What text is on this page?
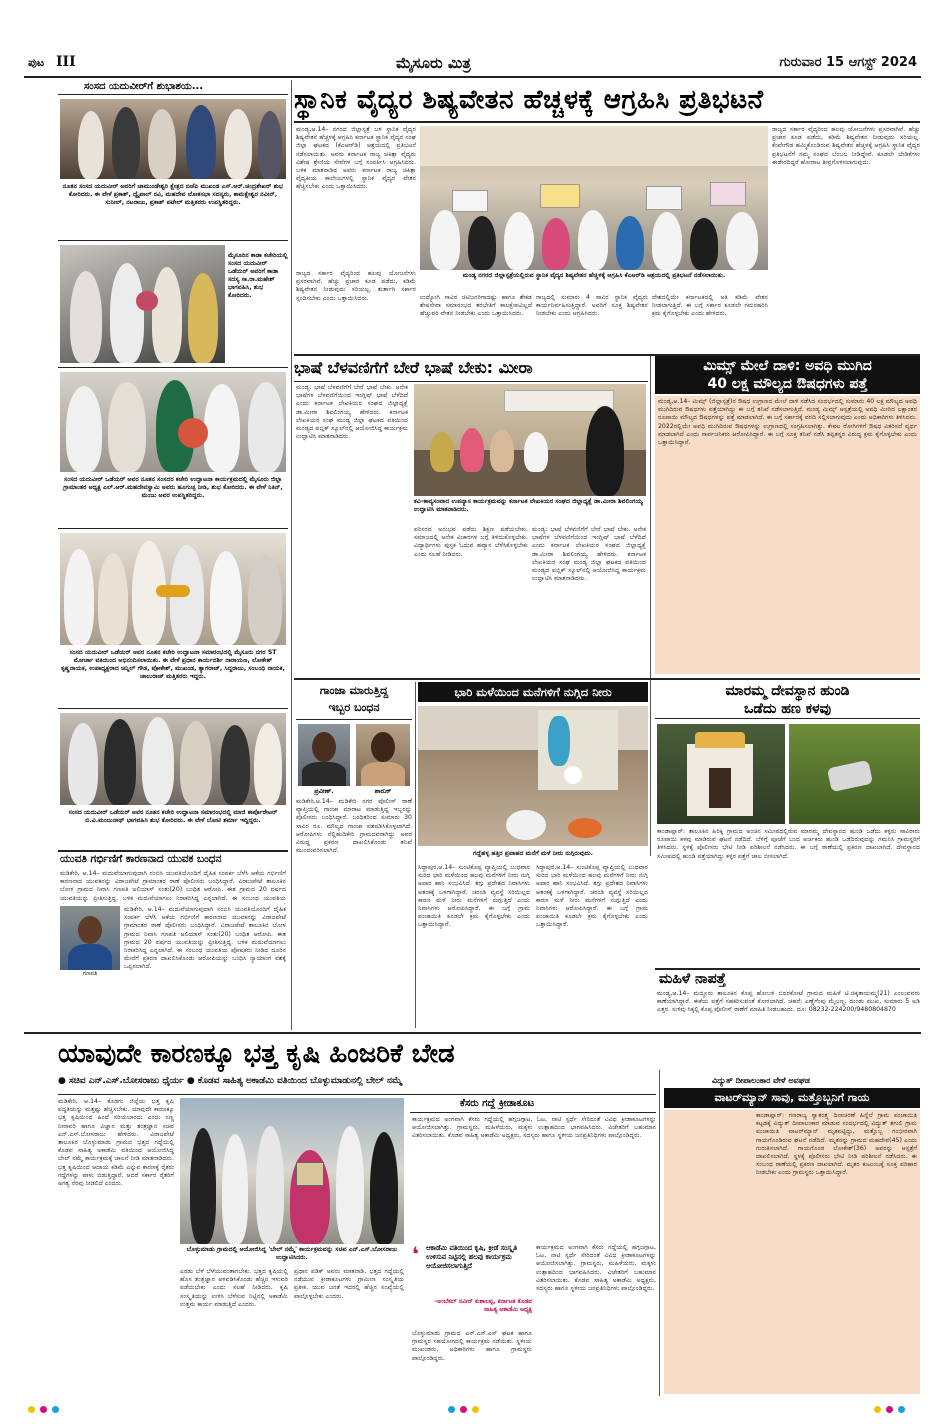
ಪುಟ III	ಮೈಸೂರು ಮಿತ್ರ	ಗುರುವಾರ 15 ಆಗಸ್ಟ್ 2024
ಸಂಸದ ಯದುವೀರ್‌ಗೆ ಶುಭಾಶಯ...
ನೂತನ ಸಂಸದ ಯದುವೀರ್ ಅವರಿಗೆ ಚಾಮುಂಡೇಶ್ವರಿ ಕ್ಷೇತ್ರದ ಬಿಜೆಪಿ ಮುಖಂಡ ಎಸ್.ಆರ್.ಚಂದ್ರಶೇಖರ್ ಶುಭ ಕೋರಿದರು. ಈ ವೇಳೆ ಪ್ರಕಾಶ್, ದ್ವೈಪಾಲ್ ರವಿ, ಮಹದೇವ ಲೋಕಸಭಾ ಸದಸ್ಯರು, ಕಾಮಕ್ಷೇಶ್ವರ ನವೀನ್, ಸುನೀಲ್, ನಟರಾಜು, ಪ್ರಕಾಶ್ ಪಟೇಲ್ ಮತ್ತಿತರರು ಉಪಸ್ಥಿತರಿದ್ದರು.
ಮೈಸೂರಿನ ಕಾಡಾ ಕಚೇರಿಯಲ್ಲಿ ಸಂಸದ ಯದುವೀರ್ ಒಡೆಯರ್ ಅವರಿಗೆ ಕಾಡಾ ಸದಸ್ಯ ಸಾ.ರಾ.ಮಹೇಶ್ ಭಾಗವಹಿಸಿ, ಶುಭ ಕೋರಿದರು.
ಸಂಸದ ಯದುವೀರ್ ಒಡೆಯರ್ ಅವರ ನೂತನ ಸಂಸದರ ಕಚೇರಿ ಉದ್ಘಾಟನಾ ಕಾರ್ಯಕ್ರಮದಲ್ಲಿ ಮೈಸೂರು ಜಿಲ್ಲಾ ಗ್ರಾಮಾಂತರ ಅಧ್ಯಕ್ಷ ಎಲ್.ಆರ್.ಮಹದೇವಸ್ವಾಮಿ ಅವರು ಹೂಗುಚ್ಛ ನೀಡಿ, ಶುಭ ಕೋರಿದರು. ಈ ವೇಳೆ ನಿತಿನ್, ಮಂಜು ಅವರ ಉಪಸ್ಥಿತರಿದ್ದರು.
ಸಂಸದ ಯದುವೀರ್ ಒಡೆಯರ್ ಅವರ ನೂತನ ಕಚೇರಿ ಉದ್ಘಾಟನಾ ಸಮಾರಂಭದಲ್ಲಿ ಮೈಸೂರು ನಗರ ST ಮೋರ್ಚಾ ವತಿಯಿಂದ ಅಭಿನಂದಿಸಲಾಯಿತು. ಈ ವೇಳೆ ಪ್ರಧಾನ ಕಾರ್ಯದರ್ಶಿ ನಾರಾಯಣ, ಲೋಕೇಶ್ ಕೃಷ್ಣನಾಯಕ, ಉಪಾಧ್ಯಕ್ಷರಾದ ಚಿನ್ನಿಲ್ ಗೌಡ, ಪೋಕೇಶ್, ಮುಖಂಡ, ತ್ಯಾಗರಾಜ್, ಸಿದ್ದರಾಜು, ಸಂಬಂಧಿ ನಾಯಕ, ಚಾಲುರಾಜ್ ಮತ್ತಿತರರು ಇದ್ದರು.
ಸಂಸದ ಯದುವೀರ್ ಒಡೆಯರ್ ಅವರ ನೂತನ ಕಚೇರಿ ಉದ್ಘಾಟನಾ ಸಮಾರಂಭದಲ್ಲಿ ಮಾಜಿ ಕಾರ್ಪೊರೇಟರ್ ಬಿ.ವಿ.ಮಂಜುನಾಥ್ ಭಾಗವಹಿಸಿ ಶುಭ ಕೋರಿದರು. ಈ ವೇಳೆ ಬೋಟಿ ಶರ್ಮಾ ಇದ್ದಿದ್ದರು.
ಯುವತಿ ಗರ್ಭಿಣಿಗೆ ಕಾರಣನಾದ ಯುವಕ ಬಂಧನ
ಮಡಿಕೇರಿ, ಆ.14– ಮದುವೆಯಾಗುವುದಾಗಿ ನಂಬಿಸಿ ಯುವತಿಯೊಂದಿಗೆ ದೈಹಿಕ ಸಂಪರ್ಕ ಬೆಳೆಸಿ ಆಕೆಯ ಗರ್ಭಿಣಿಗೆ ಕಾರಣನಾದ ಯುವಕನನ್ನು ವಿರಾಜಪೇಟೆ ಗ್ರಾಮಾಂತರ ಠಾಣೆ ಪೊಲೀಸರು ಬಂಧಿಸಿದ್ದಾರೆ. ವಿರಾಜಪೇಟೆ ತಾಲೂಕಿನ ಬೋಳ ಗ್ರಾಮದ ನಿವಾಸಿ ಗಣಪತಿ ಅಲಿಯಾಸ್ ಸಂತು(20) ಬಂಧಿತ ಆರೋಪಿ. ಈತ ಗ್ರಾಮದ 20 ವರ್ಷದ ಯುವತಿಯನ್ನು ಪ್ರೀತಿಸುತ್ತಿದ್ದ. ಬಳಿಕ ಮದುವೆಯಾಗಲು ನಿರಾಕರಿಸಿದ್ದ ಎನ್ನಲಾಗಿದೆ. ಈ ಸಂಬಂಧ ಯುವತಿಯ
ಗಣಪತಿ
ಮಡಿಕೇರಿ, ಆ.14– ಮದುವೆಯಾಗುವುದಾಗಿ ನಂಬಿಸಿ ಯುವತಿಯೊಂದಿಗೆ ದೈಹಿಕ ಸಂಪರ್ಕ ಬೆಳೆಸಿ ಆಕೆಯ ಗರ್ಭಿಣಿಗೆ ಕಾರಣನಾದ ಯುವಕನನ್ನು ವಿರಾಜಪೇಟೆ ಗ್ರಾಮಾಂತರ ಠಾಣೆ ಪೊಲೀಸರು ಬಂಧಿಸಿದ್ದಾರೆ. ವಿರಾಜಪೇಟೆ ತಾಲೂಕಿನ ಬೋಳ ಗ್ರಾಮದ ನಿವಾಸಿ ಗಣಪತಿ ಅಲಿಯಾಸ್ ಸಂತು(20) ಬಂಧಿತ ಆರೋಪಿ. ಈತ ಗ್ರಾಮದ 20 ವರ್ಷದ ಯುವತಿಯನ್ನು ಪ್ರೀತಿಸುತ್ತಿದ್ದ. ಬಳಿಕ ಮದುವೆಯಾಗಲು ನಿರಾಕರಿಸಿದ್ದ ಎನ್ನಲಾಗಿದೆ. ಈ ಸಂಬಂಧ ಯುವತಿಯ ಪೋಷಕರು ನೀಡಿದ ದೂರಿನ ಮೇರೆಗೆ ಪ್ರಕರಣ ದಾಖಲಿಸಿಕೊಂಡು ಆರೋಪಿಯನ್ನು ಬಂಧಿಸಿ ನ್ಯಾಯಾಂಗ ವಶಕ್ಕೆ ಒಪ್ಪಿಸಲಾಗಿದೆ.
ಸ್ಥಾನಿಕ ವೈದ್ಯರ ಶಿಷ್ಯವೇತನ ಹೆಚ್ಚಳಕ್ಕೆ ಆಗ್ರಹಿಸಿ ಪ್ರತಿಭಟನೆ
ಮಂಡ್ಯ,ಆ.14– ನಗರದ ಜಿಲ್ಲಾಸ್ಪತ್ರೆ ಬಳಿ ಸ್ಥಾನಿಕ ವೈದ್ಯರ ಶಿಷ್ಯವೇತನ ಹೆಚ್ಚಳಕ್ಕೆ ಆಗ್ರಹಿಸಿ ಕರ್ನಾಟಕ ಸ್ಥಾನಿಕ ವೈದ್ಯರ ಸಂಘ ಜಿಲ್ಲಾ ಘಟಕದ (ಕೆಎಆರ್‌ಡಿ) ಆಶ್ರಯದಲ್ಲಿ ಪ್ರತಿಭಟನೆ ನಡೆಸಲಾಯಿತು. ಅವರು ಕರ್ನಾಟಕ ರಾಜ್ಯ ಚಿಕಿತ್ಸಾ ವೈದ್ಯರು ವಿಶೇಷ ಶ್ರೇಣಿಯ ಸೇವೆಗಳ ಬಗ್ಗೆ ಸಂಪರ್ಕಿಸಿ ಆಗ್ರಹಿಸಿದರು. ಬಳಿಕ ಮಾತನಾಡಿದ ಅವರು ಕರ್ನಾಟಕ ರಾಜ್ಯ ಚಿಕಿತ್ಸಾ ವೈದ್ಯಕೀಯ ಕಾಲೇಜುಗಳಲ್ಲಿ ಸ್ಥಾನಿಕ ವೈದ್ಯರ ವೇತನ ಹೆಚ್ಚಿಸಬೇಕು ಎಂದು ಒತ್ತಾಯಿಸಿದರು.
ರಾಜ್ಯದ ಸರ್ಕಾರ ವೈದ್ಯರಿಂದ ಹಲವು ಯೋಜನೆಗಳು ಪ್ರಸರವಾಗಿವೆ. ಹೆಚ್ಚು ಪ್ರಚಾರ ಕೂಡ ಪಡೆದು, ಕಡಿಮೆ ಶಿಷ್ಯವೇತನ ನೀಡುವುದು ಸರಿಯಲ್ಲ. ಕೆಂಪೇಗೌಡ ಹಮ್ಮಿಕೊಂಡಿರುವ ಶಿಷ್ಯವೇತನ ಹೆಚ್ಚಳಕ್ಕೆ ಆಗ್ರಹಿಸಿ ಸ್ಥಾನಿಕ ವೈದ್ಯರ ಪ್ರತಿಭಟನೆಗೆ ನಮ್ಮ ಸಂಘದ ಬೆಂಬಲ ನೀಡಿದ್ದೇವೆ. ಕೂಡಲೇ ಬೇಡಿಕೆಗಳು ಈಡೇರದಿದ್ದರೆ ಹೋರಾಟ ತೀವ್ರಗೊಳಿಸಲಾಗುವುದು.
ಮಂಡ್ಯ ನಗರದ ಜಿಲ್ಲಾಸ್ಪತ್ರೆಯಲ್ಲಿರುವ ಸ್ಥಾನಿಕ ವೈದ್ಯರ ಶಿಷ್ಯವೇತನ ಹೆಚ್ಚಳಕ್ಕೆ ಆಗ್ರಹಿಸಿ ಕೆಎಆರ್‌ಡಿ ಆಶ್ರಯದಲ್ಲಿ ಪ್ರತಿಭಟನೆ ನಡೆಸಲಾಯಿತು.
ಉದ್ಯೋಗಿ ಸಾವಿರ ಚಿಟಿಜನರಿಗಾದಷ್ಟು ಹಾಗೂ ಶೇಕಡ ಶೇಷಸೇವಾ ಸಮಾರಂಭದ ತರಬೇತಿಗೆ ಕಾಲಕ್ಷೇಪವಿಲ್ಲದೆ ಹೆಚ್ಚುವರಿ ವೇತನ ನೀಡಬೇಕು ಎಂದು ಒತ್ತಾಯಿಸಿದರು.
ರಾಜ್ಯದಲ್ಲಿ ಸುಮಾರು 4 ಸಾವಿರ ಸ್ಥಾನಿಕ ವೈದ್ಯರು ಕಾರ್ಯನಿರ್ವಹಿಸುತ್ತಿದ್ದಾರೆ. ಅವರಿಗೆ ಸೂಕ್ತ ಶಿಷ್ಯವೇತನ ನೀಡಬೇಕು ಎಂದು ಆಗ್ರಹಿಸಿದರು.
ದೇಶದಲ್ಲಿಯೇ ಕರ್ನಾಟಕದಲ್ಲಿ ಅತಿ ಕಡಿಮೆ ವೇತನ ನೀಡಲಾಗುತ್ತಿದೆ. ಈ ಬಗ್ಗೆ ಸರ್ಕಾರ ಕೂಡಲೇ ಗಮನಹರಿಸಿ ಕ್ರಮ ಕೈಗೊಳ್ಳಬೇಕು ಎಂದು ಹೇಳಿದರು.
ರಾಜ್ಯದ ಸರ್ಕಾರ ವೈದ್ಯರಿಂದ ಹಲವು ಯೋಜನೆಗಳು ಪ್ರಸರವಾಗಿವೆ. ಹೆಚ್ಚು ಪ್ರಚಾರ ಕೂಡ ಪಡೆದು, ಕಡಿಮೆ ಶಿಷ್ಯವೇತನ ನೀಡುವುದು ಸರಿಯಲ್ಲ. ತುರ್ತಾಗಿ ಸರ್ಕಾರ ಸ್ಪಂದಿಸಬೇಕು ಎಂದು ಒತ್ತಾಯಿಸಿದರು.
ಭಾಷೆ ಬೆಳವಣಿಗೆಗೆ ಬೇರೆ ಭಾಷೆ ಬೇಕು: ಮೀರಾ
ಮಂಡ್ಯ: ಭಾಷೆ ಬೆಳವಣಿಗೆಗೆ ಬೇರೆ ಭಾಷೆ ಬೇಕು. ಅನೇಕ ಭಾಷೆಗಳ ಬೆಳವಣಿಗೆಯಿಂದ ಇಂಗ್ಲಿಷ್ ಭಾಷೆ ಬೆಳೆದಿದೆ ಎಂದು ಕರ್ನಾಟಕ ಲೇಖಕಿಯರ ಸಂಘದ ಜಿಲ್ಲಾಧ್ಯಕ್ಷೆ ಡಾ.ಮೀರಾ ಶಿವಲಿಂಗಯ್ಯ ಹೇಳಿದರು. ಕರ್ನಾಟಕ ಲೇಖಕಿಯರ ಸಂಘ ಮಂಡ್ಯ ಜಿಲ್ಲಾ ಘಟಕದ ವತಿಯಿಂದ ಮಂಡ್ಯದ ಪಬ್ಲಿಕ್ ಸ್ಕೂಲ್‌ನಲ್ಲಿ ಆಯೋಜಿಸಿದ್ದ ಕಾರ್ಯಕ್ರಮ ಉದ್ಘಾಟಿಸಿ ಮಾತನಾಡಿದರು.
ಕವಿ-ಕಾವ್ಯಸಂವಾದ ಉಪನ್ಯಾಸ ಕಾರ್ಯಕ್ರಮವನ್ನು ಕರ್ನಾಟಕ ಲೇಖಕಿಯರ ಸಂಘದ ಜಿಲ್ಲಾಧ್ಯಕ್ಷೆ ಡಾ.ಮೀರಾ ಶಿವಲಿಂಗಯ್ಯ ಉದ್ಘಾಟಿಸಿ ಮಾತನಾಡಿದರು.
ಪರಿಸರದ ಅನುಭವ ಪಡೆದು ಶಿಕ್ಷಣ ಪಡೆಯಬೇಕು. ಸಮಾಜದಲ್ಲಿ ಅನೇಕ ವಿಚಾರಗಳ ಬಗ್ಗೆ ತಿಳಿದುಕೊಳ್ಳಬೇಕು. ವಿದ್ಯಾರ್ಥಿಗಳು ಪುಸ್ತಕ ಓದುವ ಹವ್ಯಾಸ ಬೆಳೆಸಿಕೊಳ್ಳಬೇಕು ಎಂದು ಸಲಹೆ ನೀಡಿದರು.
ಮಂಡ್ಯ: ಭಾಷೆ ಬೆಳವಣಿಗೆಗೆ ಬೇರೆ ಭಾಷೆ ಬೇಕು. ಅನೇಕ ಭಾಷೆಗಳ ಬೆಳವಣಿಗೆಯಿಂದ ಇಂಗ್ಲಿಷ್ ಭಾಷೆ ಬೆಳೆದಿದೆ ಎಂದು ಕರ್ನಾಟಕ ಲೇಖಕಿಯರ ಸಂಘದ ಜಿಲ್ಲಾಧ್ಯಕ್ಷೆ ಡಾ.ಮೀರಾ ಶಿವಲಿಂಗಯ್ಯ ಹೇಳಿದರು. ಕರ್ನಾಟಕ ಲೇಖಕಿಯರ ಸಂಘ ಮಂಡ್ಯ ಜಿಲ್ಲಾ ಘಟಕದ ವತಿಯಿಂದ ಮಂಡ್ಯದ ಪಬ್ಲಿಕ್ ಸ್ಕೂಲ್‌ನಲ್ಲಿ ಆಯೋಜಿಸಿದ್ದ ಕಾರ್ಯಕ್ರಮ ಉದ್ಘಾಟಿಸಿ ಮಾತನಾಡಿದರು.
ಮಿಮ್ಸ್ ಮೇಲೆ ದಾಳಿ: ಅವಧಿ ಮುಗಿದ
40 ಲಕ್ಷ ಮೌಲ್ಯದ ಔಷಧಗಳು ಪತ್ತೆ
ಮಂಡ್ಯ,ಆ.14– ಮಿಮ್ಸ್ (ಜಿಲ್ಲಾಸ್ಪತ್ರೆ)ನ ಔಷಧ ಉಗ್ರಾಣದ ಮೇಲೆ ದಾಳಿ ನಡೆಸಿದ ಸಂದರ್ಭದಲ್ಲಿ ಸುಮಾರು 40 ಲಕ್ಷ ಮೌಲ್ಯದ ಅವಧಿ ಮುಗಿದಿರುವ ಔಷಧಗಳು ಪತ್ತೆಯಾಗಿದ್ದು ಈ ಬಗ್ಗೆ ತನಿಖೆ ನಡೆಸಲಾಗುತ್ತಿದೆ. ಮಂಡ್ಯ ಮಿಮ್ಸ್ ಆಸ್ಪತ್ರೆಯಲ್ಲಿ ಅವಧಿ ಮೀರಿದ ಲಕ್ಷಾಂತರ ರೂಪಾಯಿ ಮೌಲ್ಯದ ಔಷಧಗಳನ್ನು ಪತ್ತೆ ಮಾಡಲಾಗಿದೆ. ಈ ಬಗ್ಗೆ ಸರ್ಕಾರಕ್ಕೆ ವರದಿ ಸಲ್ಲಿಸಲಾಗುವುದು ಎಂದು ಅಧಿಕಾರಿಗಳು ತಿಳಿಸಿದರು. 2022ರಲ್ಲಿಯೇ ಅವಧಿ ಮುಗಿದಿರುವ ಔಷಧಗಳನ್ನು ಉಗ್ರಾಣದಲ್ಲಿ ಸಂಗ್ರಹಿಸಲಾಗಿತ್ತು. ಕೇವಲ ರೋಗಿಗಳಿಗೆ ಔಷಧ ವಿತರಿಸದೆ ವ್ಯರ್ಥ ಮಾಡಲಾಗಿದೆ ಎಂದು ಸಾರ್ವಜನಿಕರು ಆರೋಪಿಸಿದ್ದಾರೆ. ಈ ಬಗ್ಗೆ ಸೂಕ್ತ ತನಿಖೆ ನಡೆಸಿ ತಪ್ಪಿತಸ್ಥರ ವಿರುದ್ಧ ಕ್ರಮ ಕೈಗೊಳ್ಳಬೇಕು ಎಂದು ಒತ್ತಾಯಿಸಿದ್ದಾರೆ.
ಗಾಂಜಾ ಮಾರುತ್ತಿದ್ದ
ಇಬ್ಬರ ಬಂಧನ
ಪ್ರವೀಣ್.	ಶಾರುಕ್
ಮಡಿಕೇರಿ,ಆ.14– ಮಡಿಕೇರಿ ನಗರ ಪೊಲೀಸ್ ಠಾಣೆ ವ್ಯಾಪ್ತಿಯಲ್ಲಿ ಗಾಂಜಾ ಮಾರಾಟ ಮಾಡುತ್ತಿದ್ದ ಇಬ್ಬರನ್ನು ಪೊಲೀಸರು ಬಂಧಿಸಿದ್ದಾರೆ. ಬಂಧಿತರಿಂದ ಸುಮಾರು 30 ಸಾವಿರ ರೂ. ಮೌಲ್ಯದ ಗಾಂಜಾ ವಶಪಡಿಸಿಕೊಳ್ಳಲಾಗಿದೆ. ಆರೋಪಿಗಳು ನೆಲ್ಲಿಹುದಿಕೇರಿ ಗ್ರಾಮದವರಾಗಿದ್ದು ಅವರ ವಿರುದ್ಧ ಪ್ರಕರಣ ದಾಖಲಿಸಿಕೊಂಡು ತನಿಖೆ ಮುಂದುವರಿಸಲಾಗಿದೆ.
ಭಾರಿ ಮಳೆಯಿಂದ ಮನೆಗಳಿಗೆ ನುಗ್ಗಿದ ನೀರು
ಗದ್ದೆಹಳ್ಳ ಹತ್ತಿರ ಪ್ರವಾಹದ ಮನೆಗೆ ಮಳೆ ನೀರು ನುಗ್ಗಿರುವುದು.
ಸಿದ್ದಾಪುರ,ಆ.14– ಸುಂಟಿಕೊಪ್ಪ ವ್ಯಾಪ್ತಿಯಲ್ಲಿ ಬುಧವಾರ ಸುರಿದ ಭಾರಿ ಮಳೆಯಿಂದ ಹಲವು ಮನೆಗಳಿಗೆ ನೀರು ನುಗ್ಗಿ ಅಪಾರ ಹಾನಿ ಸಂಭವಿಸಿದೆ. ತಗ್ಗು ಪ್ರದೇಶದ ನಿವಾಸಿಗಳು ಆತಂಕಕ್ಕೆ ಒಳಗಾಗಿದ್ದಾರೆ. ಚರಂಡಿ ವ್ಯವಸ್ಥೆ ಸರಿಯಿಲ್ಲದ ಕಾರಣ ಮಳೆ ನೀರು ಮನೆಗಳಿಗೆ ನುಗ್ಗುತ್ತಿದೆ ಎಂದು ನಿವಾಸಿಗಳು ಆರೋಪಿಸಿದ್ದಾರೆ. ಈ ಬಗ್ಗೆ ಗ್ರಾಮ ಪಂಚಾಯಿತಿ ಕೂಡಲೇ ಕ್ರಮ ಕೈಗೊಳ್ಳಬೇಕು ಎಂದು ಒತ್ತಾಯಿಸಿದ್ದಾರೆ.
ಸಿದ್ದಾಪುರ,ಆ.14– ಸುಂಟಿಕೊಪ್ಪ ವ್ಯಾಪ್ತಿಯಲ್ಲಿ ಬುಧವಾರ ಸುರಿದ ಭಾರಿ ಮಳೆಯಿಂದ ಹಲವು ಮನೆಗಳಿಗೆ ನೀರು ನುಗ್ಗಿ ಅಪಾರ ಹಾನಿ ಸಂಭವಿಸಿದೆ. ತಗ್ಗು ಪ್ರದೇಶದ ನಿವಾಸಿಗಳು ಆತಂಕಕ್ಕೆ ಒಳಗಾಗಿದ್ದಾರೆ. ಚರಂಡಿ ವ್ಯವಸ್ಥೆ ಸರಿಯಿಲ್ಲದ ಕಾರಣ ಮಳೆ ನೀರು ಮನೆಗಳಿಗೆ ನುಗ್ಗುತ್ತಿದೆ ಎಂದು ನಿವಾಸಿಗಳು ಆರೋಪಿಸಿದ್ದಾರೆ. ಈ ಬಗ್ಗೆ ಗ್ರಾಮ ಪಂಚಾಯಿತಿ ಕೂಡಲೇ ಕ್ರಮ ಕೈಗೊಳ್ಳಬೇಕು ಎಂದು ಒತ್ತಾಯಿಸಿದ್ದಾರೆ.
ಮಾರಮ್ಮ ದೇವಸ್ಥಾನ ಹುಂಡಿ
ಒಡೆದು ಹಣ ಕಳವು
ಕಾಂಡಾಪ್ಲಾರ್: ತಾಲೂಕಿನ ಹಿರಿಕ್ಕಿ ಗ್ರಾಮದ ಅಂಚಿನ ಸಮೀಪದಲ್ಲಿರುವ ಮಾರಮ್ಮ ದೇವಸ್ಥಾನದ ಹುಂಡಿ ಒಡೆದು ಕಳ್ಳರು ಸಾವಿರಾರು ರೂಪಾಯಿ ಕಳವು ಮಾಡಿರುವ ಘಟನೆ ನಡೆದಿದೆ. ಬೆಳಿಗ್ಗೆ ಪೂಜೆಗೆ ಬಂದ ಅರ್ಚಕರು ಹುಂಡಿ ಒಡೆದಿರುವುದನ್ನು ಗಮನಿಸಿ ಗ್ರಾಮಸ್ಥರಿಗೆ ತಿಳಿಸಿದರು. ಸ್ಥಳಕ್ಕೆ ಪೊಲೀಸರು ಭೇಟಿ ನೀಡಿ ಪರಿಶೀಲನೆ ನಡೆಸಿದರು. ಈ ಬಗ್ಗೆ ಠಾಣೆಯಲ್ಲಿ ಪ್ರಕರಣ ದಾಖಲಾಗಿದೆ. ದೇವಸ್ಥಾನದ ಸಮೀಪದಲ್ಲಿ ಹುಂಡಿ ಪತ್ತೆಯಾಗಿದ್ದು ಕಳ್ಳರ ಪತ್ತೆಗೆ ಜಾಲ ಬೀಸಲಾಗಿದೆ.
ಮಹಿಳೆ ನಾಪತ್ತೆ
ಮಂಡ್ಯ,ಆ.14– ಮದ್ದೂರು ತಾಲೂಕಿನ ಕೊಪ್ಪ ಹೋಬಳಿ ಬಿದರಕೋಟೆ ಗ್ರಾಮದ ಮಹಿಳೆ ಟಿ.ಚಿಕ್ಕತಾಯಮ್ಮ(21) ಎಂಬುವವರು ಕಾಣೆಯಾಗಿದ್ದಾರೆ. ಈಕೆಯ ಪತ್ತೆಗೆ ಸಹಕರಿಸುವಂತೆ ಕೋರಲಾಗಿದೆ. ಚಹರೆ: ಎಣ್ಣೆಗೆಂಪು ಮೈಬಣ್ಣ, ದುಂಡು ಮುಖ, ಸುಮಾರು 5 ಅಡಿ ಎತ್ತರ. ಸುಳಿವು ಸಿಕ್ಕಲ್ಲಿ ಕೊಪ್ಪ ಪೊಲೀಸ್ ಠಾಣೆಗೆ ಮಾಹಿತಿ ನೀಡಬಹುದು. ದೂ: 08232-224200/9480804870
ಯಾವುದೇ ಕಾರಣಕ್ಕೂ ಭತ್ತ ಕೃಷಿ ಹಿಂಜರಿಕೆ ಬೇಡ
● ಸಚಿವ ಎನ್.ಎಸ್.ಬೋಸರಾಜು ಧೈರ್ಯ ● ಕೊಡವ ಸಾಹಿತ್ಯ ಅಕಾಡೆಮಿ ವತಿಯಿಂದ ಬೊಳ್ಳುಮಾಡುನಲ್ಲಿ ಬೇಲ್ ನಮ್ಮೆ
ಮಡಿಕೇರಿ, ಆ.14– ಕೊಡಗು ಜಿಲ್ಲೆಯ ಭತ್ತ ಕೃಷಿ ಪದ್ಧತಿಯನ್ನು ಮತ್ತಷ್ಟು ಹೆಚ್ಚಿಸಬೇಕು. ಯಾವುದೇ ಕಾರಣಕ್ಕೂ ಭತ್ತ ಕೃಷಿಯಿಂದ ಹಿಂದೆ ಸರಿಯಬಾರದು ಎಂದು ಸಣ್ಣ ನೀರಾವರಿ ಹಾಗೂ ವಿಜ್ಞಾನ ಮತ್ತು ತಂತ್ರಜ್ಞಾನ ಸಚಿವ ಎನ್.ಎಸ್.ಬೋಸರಾಜು ಹೇಳಿದರು. ವಿರಾಜಪೇಟೆ ತಾಲೂಕಿನ ಬೊಳ್ಳುಮಾಡು ಗ್ರಾಮದ ಭತ್ತದ ಗದ್ದೆಯಲ್ಲಿ ಕೊಡವ ಸಾಹಿತ್ಯ ಅಕಾಡೆಮಿ ವತಿಯಿಂದ ಆಯೋಜಿಸಿದ್ದ ಬೇಲ್ ನಮ್ಮೆ ಕಾರ್ಯಕ್ರಮಕ್ಕೆ ಚಾಲನೆ ನೀಡಿ ಮಾತನಾಡಿದರು. ಭತ್ತ ಕೃಷಿಯಿಂದ ಆದಾಯ ಕಡಿಮೆ ಎನ್ನುವ ಕಾರಣಕ್ಕೆ ರೈತರು ಗದ್ದೆಗಳನ್ನು ಪಾಳು ಬಿಡುತ್ತಿದ್ದಾರೆ. ಆದರೆ ಸರ್ಕಾರ ರೈತರಿಗೆ ಅಗತ್ಯ ನೆರವು ನೀಡಲಿದೆ ಎಂದರು.
ಬೊಳ್ಳುಮಾಡು ಗ್ರಾಮದಲ್ಲಿ ಆಯೋಜಿಸಿದ್ದ 'ಬೇಲ್ ನಮ್ಮೆ' ಕಾರ್ಯಕ್ರಮವನ್ನು ಸಚಿವ ಎನ್.ಎಸ್.ಬೋಸರಾಜು ಉದ್ಘಾಟಿಸಿದರು.
ಎರಡು ಬೆಳೆ ಬೆಳೆಯುವಂತಾಗಬೇಕು. ಭತ್ತದ ಕೃಷಿಯಲ್ಲಿ ಹೊಸ ತಂತ್ರಜ್ಞಾನ ಅಳವಡಿಸಿಕೊಂಡು ಹೆಚ್ಚಿನ ಇಳುವರಿ ಪಡೆಯಬೇಕು ಎಂದು ಸಲಹೆ ನೀಡಿದರು. ಕೃಷಿ ಸಂಸ್ಕೃತಿಯನ್ನು ಉಳಿಸಿ ಬೆಳೆಸುವ ನಿಟ್ಟಿನಲ್ಲಿ ಅಕಾಡೆಮಿ ಉತ್ತಮ ಕಾರ್ಯ ಮಾಡುತ್ತಿದೆ ಎಂದರು.
ಪ್ರಧಾನ ಪಡಿಕ್ ಅವರು ಮಾತನಾಡಿ, ಭತ್ತದ ಗದ್ದೆಯಲ್ಲಿ ನಡೆಯುವ ಕ್ರೀಡಾಕೂಟಗಳು ಗ್ರಾಮೀಣ ಸಂಸ್ಕೃತಿಯ ಪ್ರತೀಕ. ಯುವ ಜನತೆ ಇದರಲ್ಲಿ ಹೆಚ್ಚಿನ ಸಂಖ್ಯೆಯಲ್ಲಿ ಪಾಲ್ಗೊಳ್ಳಬೇಕು ಎಂದರು.
ಕೆಸರು ಗದ್ದೆ ಕ್ರೀಡಾಕೂಟ
ಕಾರ್ಯಕ್ರಮದ ಅಂಗವಾಗಿ ಕೆಸರು ಗದ್ದೆಯಲ್ಲಿ ಹಗ್ಗಜಗ್ಗಾಟ, ಓಟ, ನಾಟಿ ಸ್ಪರ್ಧೆ ಸೇರಿದಂತೆ ವಿವಿಧ ಕ್ರೀಡಾಕೂಟಗಳನ್ನು ಆಯೋಜಿಸಲಾಗಿತ್ತು. ಗ್ರಾಮಸ್ಥರು, ಮಹಿಳೆಯರು, ಮಕ್ಕಳು ಉತ್ಸಾಹದಿಂದ ಭಾಗವಹಿಸಿದರು. ವಿಜೇತರಿಗೆ ಬಹುಮಾನ ವಿತರಿಸಲಾಯಿತು. ಕೊಡವ ಸಾಹಿತ್ಯ ಅಕಾಡೆಮಿ ಅಧ್ಯಕ್ಷರು, ಸದಸ್ಯರು ಹಾಗೂ ಸ್ಥಳೀಯ ಜನಪ್ರತಿನಿಧಿಗಳು ಪಾಲ್ಗೊಂಡಿದ್ದರು.
❛ ಆಕಾಡೆಮಿ ವತಿಯಿಂದ ಕೃಷಿ, ಕ್ರೀಡೆ ಸಂಸ್ಕೃತಿ ಉಳಿಸುವ ನಿಟ್ಟಿನಲ್ಲಿ ಹಲವು ಕಾರ್ಯಕ್ರಮ ಆಯೋಜಿಸಲಾಗುತ್ತಿದೆ
–ಅಂಬೆಕಲ್ ನವೀನ್ ಕುಶಾಲಪ್ಪ, ಕರ್ನಾಟಕ ಕೊಡವ ಸಾಹಿತ್ಯ ಅಕಾಡೆಮಿ ಅಧ್ಯಕ್ಷ
ಬೊಳ್ಳುಮಾಡು ಗ್ರಾಮದ ಎನ್.ಎಸ್.ಎಸ್ ಘಟಕ ಹಾಗೂ ಗ್ರಾಮಸ್ಥರ ಸಹಯೋಗದಲ್ಲಿ ಕಾರ್ಯಕ್ರಮ ನಡೆಯಿತು. ಸ್ಥಳೀಯ ಮುಖಂಡರು, ಅಧಿಕಾರಿಗಳು ಹಾಗೂ ಗ್ರಾಮಸ್ಥರು ಪಾಲ್ಗೊಂಡಿದ್ದರು.
ಕಾರ್ಯಕ್ರಮದ ಅಂಗವಾಗಿ ಕೆಸರು ಗದ್ದೆಯಲ್ಲಿ ಹಗ್ಗಜಗ್ಗಾಟ, ಓಟ, ನಾಟಿ ಸ್ಪರ್ಧೆ ಸೇರಿದಂತೆ ವಿವಿಧ ಕ್ರೀಡಾಕೂಟಗಳನ್ನು ಆಯೋಜಿಸಲಾಗಿತ್ತು. ಗ್ರಾಮಸ್ಥರು, ಮಹಿಳೆಯರು, ಮಕ್ಕಳು ಉತ್ಸಾಹದಿಂದ ಭಾಗವಹಿಸಿದರು. ವಿಜೇತರಿಗೆ ಬಹುಮಾನ ವಿತರಿಸಲಾಯಿತು. ಕೊಡವ ಸಾಹಿತ್ಯ ಅಕಾಡೆಮಿ ಅಧ್ಯಕ್ಷರು, ಸದಸ್ಯರು ಹಾಗೂ ಸ್ಥಳೀಯ ಜನಪ್ರತಿನಿಧಿಗಳು ಪಾಲ್ಗೊಂಡಿದ್ದರು.
ವಿದ್ಯುತ್ ದೀಪಾಲಂಕಾರ ವೇಳೆ ಅವಘಡ
ವಾಟರ್‌ಮ್ಯಾನ್ ಸಾವು, ಮತ್ತೊಬ್ಬನಿಗೆ ಗಾಯ
ಕಾಂಡಾಪ್ಲಾರ್: ಗಣರಾಜ್ಯ ಸ್ವಾತಂತ್ರ್ಯ ದಿನಾಚರಣೆ ಹಿನ್ನೆಲೆ ಗ್ರಾಮ ಪಂಚಾಯಿತಿ ಕಟ್ಟಡಕ್ಕೆ ವಿದ್ಯುತ್ ದೀಪಾಲಂಕಾರ ಮಾಡುವ ಸಂದರ್ಭದಲ್ಲಿ ವಿದ್ಯುತ್ ತಗುಲಿ ಗ್ರಾಮ ಪಂಚಾಯಿತಿ ವಾಟರ್‌ಮ್ಯಾನ್ ಮೃತಪಟ್ಟಿದ್ದು, ಮತ್ತೊಬ್ಬ ಗಂಭೀರವಾಗಿ ಗಾಯಗೊಂಡಿರುವ ಘಟನೆ ನಡೆದಿದೆ. ಮೃತರನ್ನು ಗ್ರಾಮದ ಮಹದೇವ(45) ಎಂದು ಗುರುತಿಸಲಾಗಿದೆ. ಗಾಯಗೊಂಡ ಲೋಕೇಶ್(36) ಅವರನ್ನು ಆಸ್ಪತ್ರೆಗೆ ದಾಖಲಿಸಲಾಗಿದೆ. ಸ್ಥಳಕ್ಕೆ ಪೊಲೀಸರು ಭೇಟಿ ನೀಡಿ ಪರಿಶೀಲನೆ ನಡೆಸಿದರು. ಈ ಸಂಬಂಧ ಠಾಣೆಯಲ್ಲಿ ಪ್ರಕರಣ ದಾಖಲಾಗಿದೆ. ಮೃತರ ಕುಟುಂಬಕ್ಕೆ ಸೂಕ್ತ ಪರಿಹಾರ ನೀಡಬೇಕು ಎಂದು ಗ್ರಾಮಸ್ಥರು ಒತ್ತಾಯಿಸಿದ್ದಾರೆ.
